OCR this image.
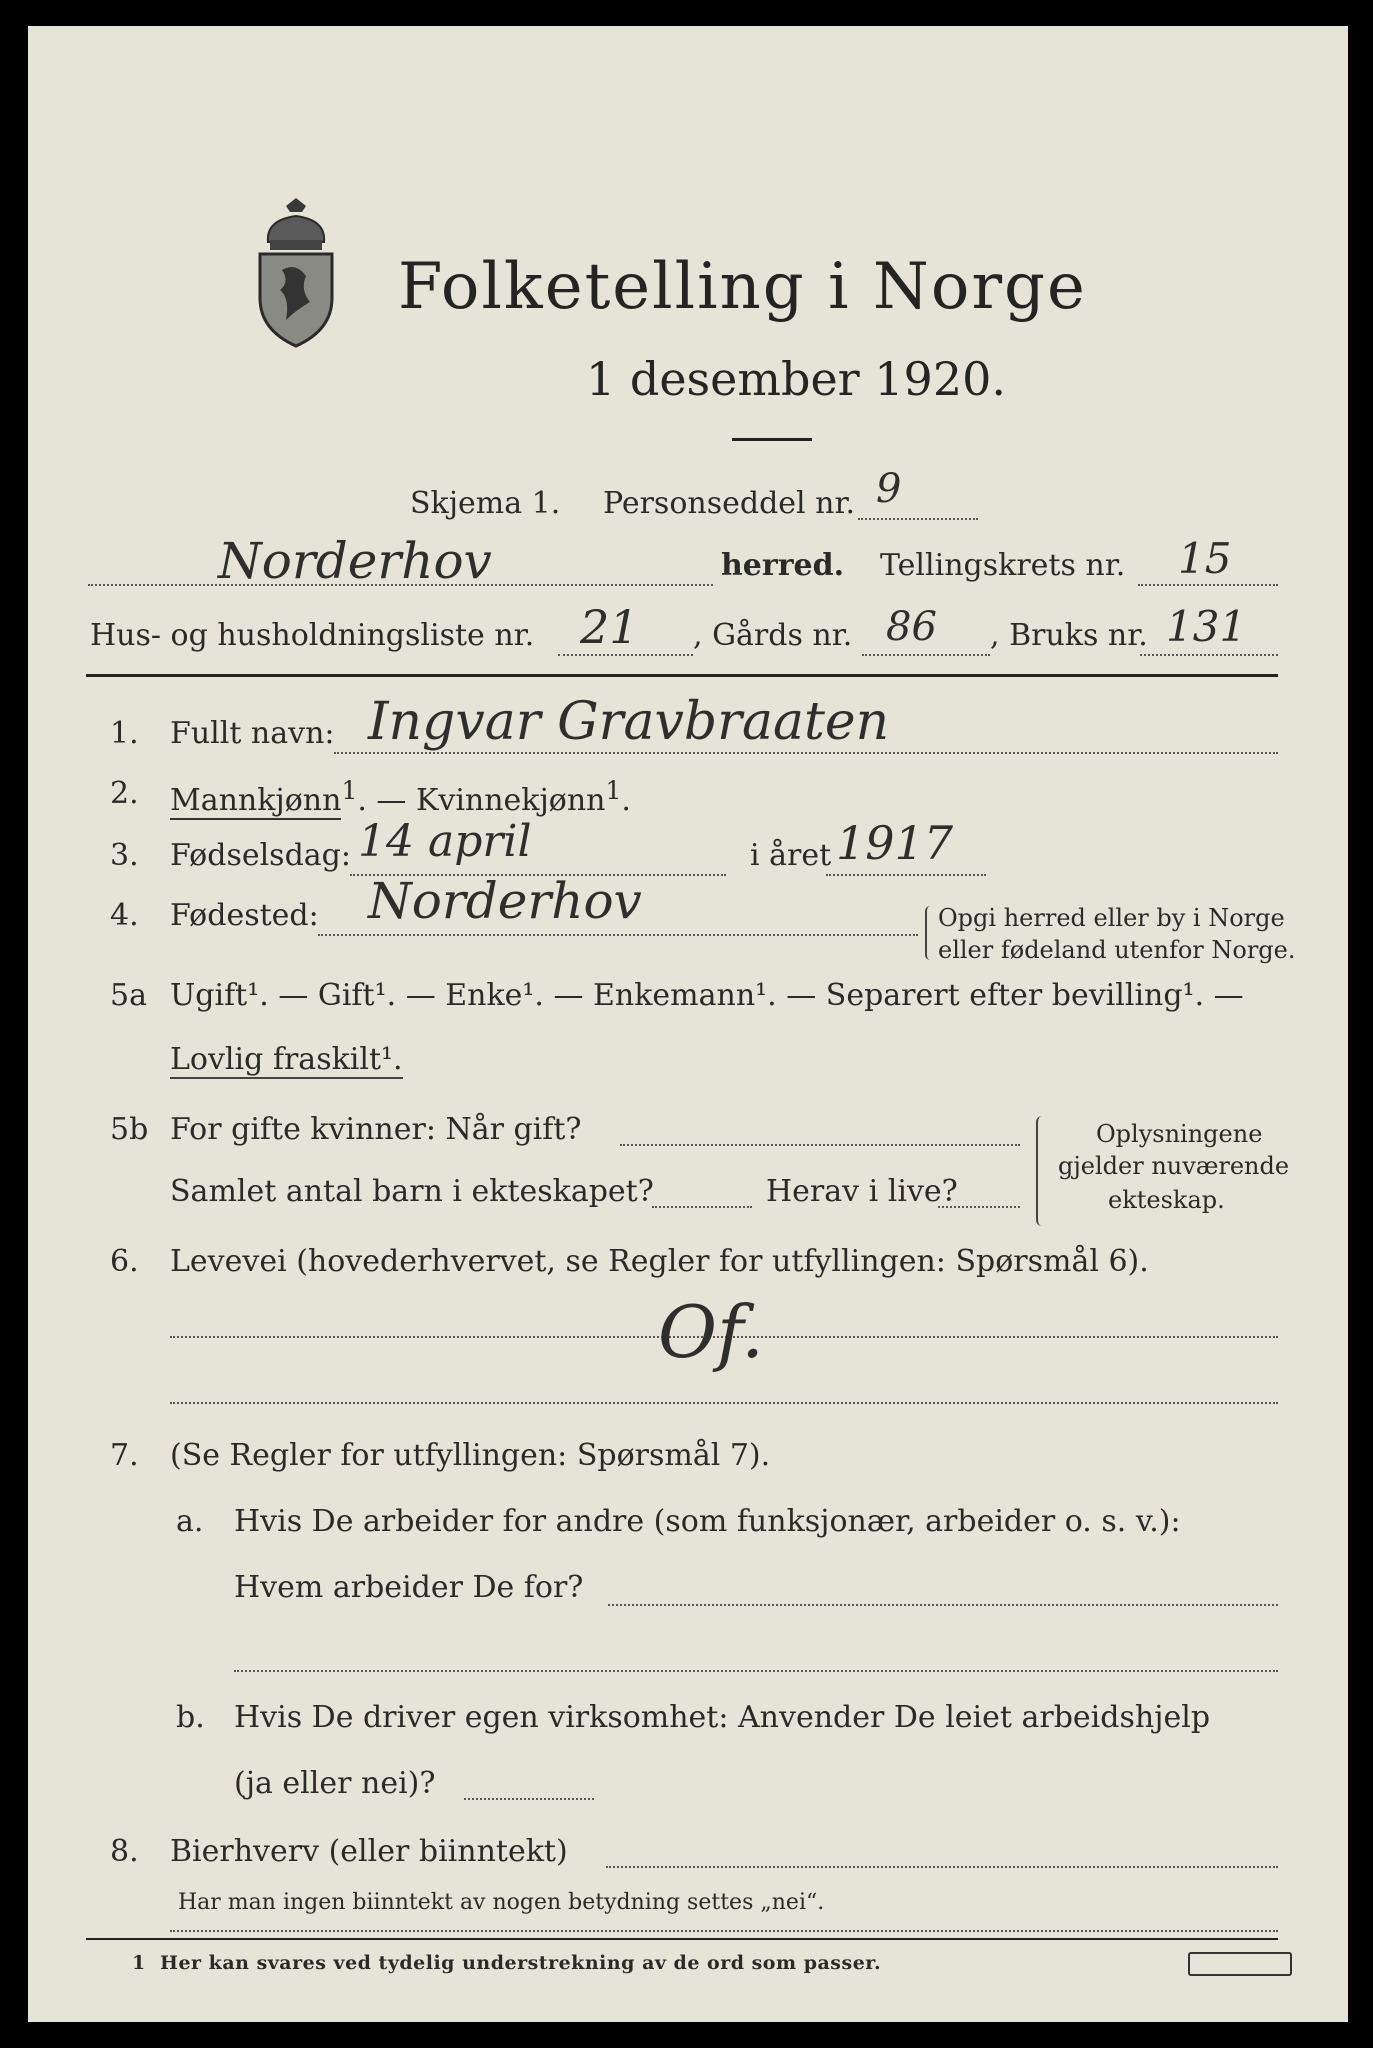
Folketelling i Norge
1 desember 1920.
Skjema 1. Personseddel nr. 9
Norderhov	herred. Tellingskrets nr. 15
Hus- og husholdningsliste nr. 21 , Gårds nr. 86 , Bruks nr. 131
1. Fullt navn: Ingvar Gravbraaten
2. Mannkjønn$^1$. — Kvinnekjønn$^1$.
3. Fødselsdag: 14 april	i året 1917
4. Fødested: Norderhov	Opgi herred eller by i Norge
eller fødeland utenfor Norge.
5a Ugift¹. — Gift¹. — Enke¹. — Enkemann¹. — Separert efter bevilling¹. —
Lovlig fraskilt¹.
5b For gifte kvinner: Når gift?
Samlet antal barn i ekteskapet?	Herav i live?
Oplysningene
gjelder nuværende
ekteskap.
6. Levevei (hovederhvervet, se Regler for utfyllingen: Spørsmål 6).
Of.
7. (Se Regler for utfyllingen: Spørsmål 7).
a. Hvis De arbeider for andre (som funksjonær, arbeider o. s. v.):
Hvem arbeider De for?
b. Hvis De driver egen virksomhet: Anvender De leiet arbeidshjelp
(ja eller nei)?
8. Bierhverv (eller biinntekt)
Har man ingen biinntekt av nogen betydning settes „nei“.
1 Her kan svares ved tydelig understrekning av de ord som passer.
